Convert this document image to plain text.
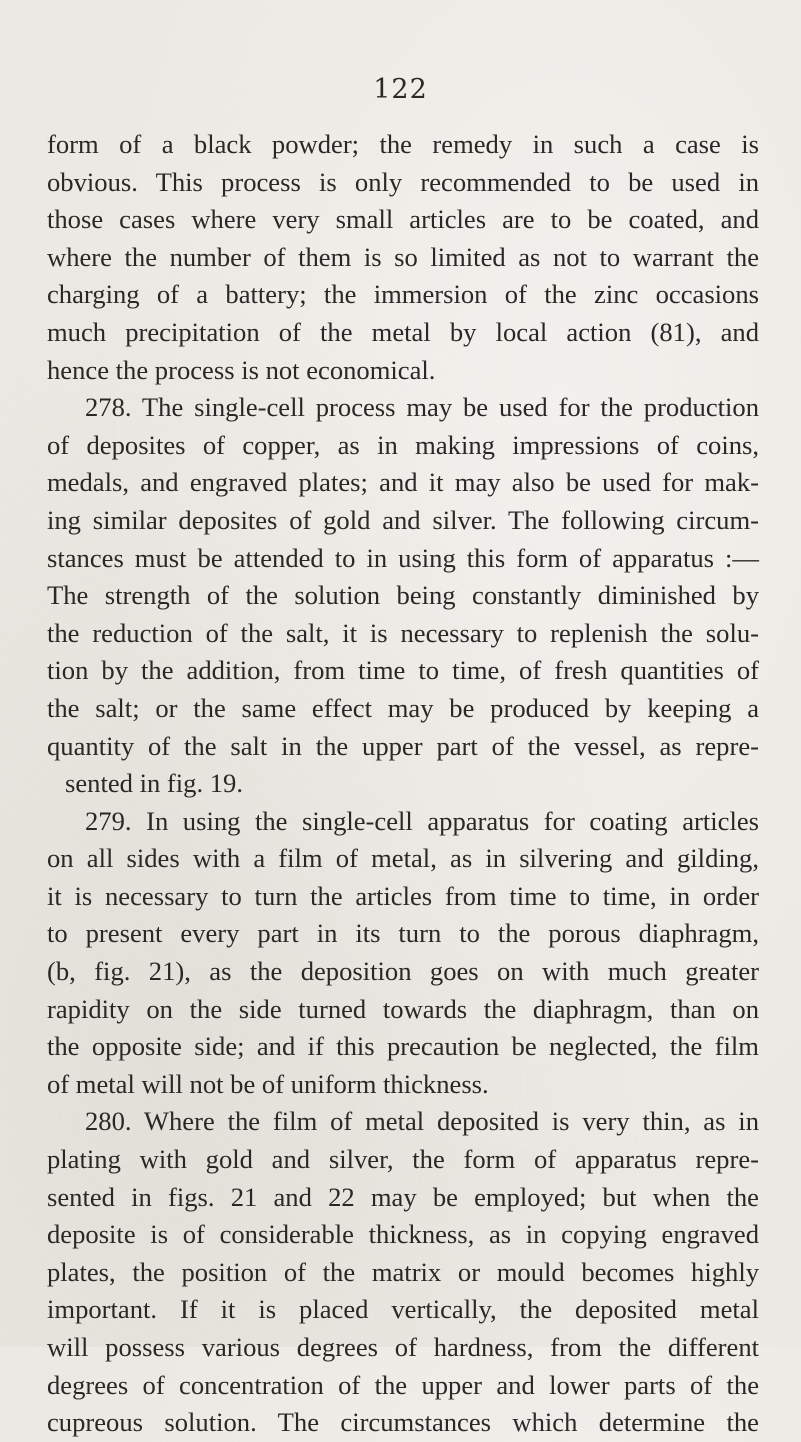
122
form of a black powder; the remedy in such a case is
obvious. This process is only recommended to be used in
those cases where very small articles are to be coated, and
where the number of them is so limited as not to warrant the
charging of a battery; the immersion of the zinc occasions
much precipitation of the metal by local action (81), and
hence the process is not economical.
278. The single-cell process may be used for the production
of deposites of copper, as in making impressions of coins,
medals, and engraved plates; and it may also be used for mak-
ing similar deposites of gold and silver. The following circum-
stances must be attended to in using this form of apparatus :—
The strength of the solution being constantly diminished by
the reduction of the salt, it is necessary to replenish the solu-
tion by the addition, from time to time, of fresh quantities of
the salt; or the same effect may be produced by keeping a
quantity of the salt in the upper part of the vessel, as repre-
sented in fig. 19.
279. In using the single-cell apparatus for coating articles
on all sides with a film of metal, as in silvering and gilding,
it is necessary to turn the articles from time to time, in order
to present every part in its turn to the porous diaphragm,
(b, fig. 21), as the deposition goes on with much greater
rapidity on the side turned towards the diaphragm, than on
the opposite side; and if this precaution be neglected, the film
of metal will not be of uniform thickness.
280. Where the film of metal deposited is very thin, as in
plating with gold and silver, the form of apparatus repre-
sented in figs. 21 and 22 may be employed; but when the
deposite is of considerable thickness, as in copying engraved
plates, the position of the matrix or mould becomes highly
important. If it is placed vertically, the deposited metal
will possess various degrees of hardness, from the different
degrees of concentration of the upper and lower parts of the
cupreous solution. The circumstances which determine the
